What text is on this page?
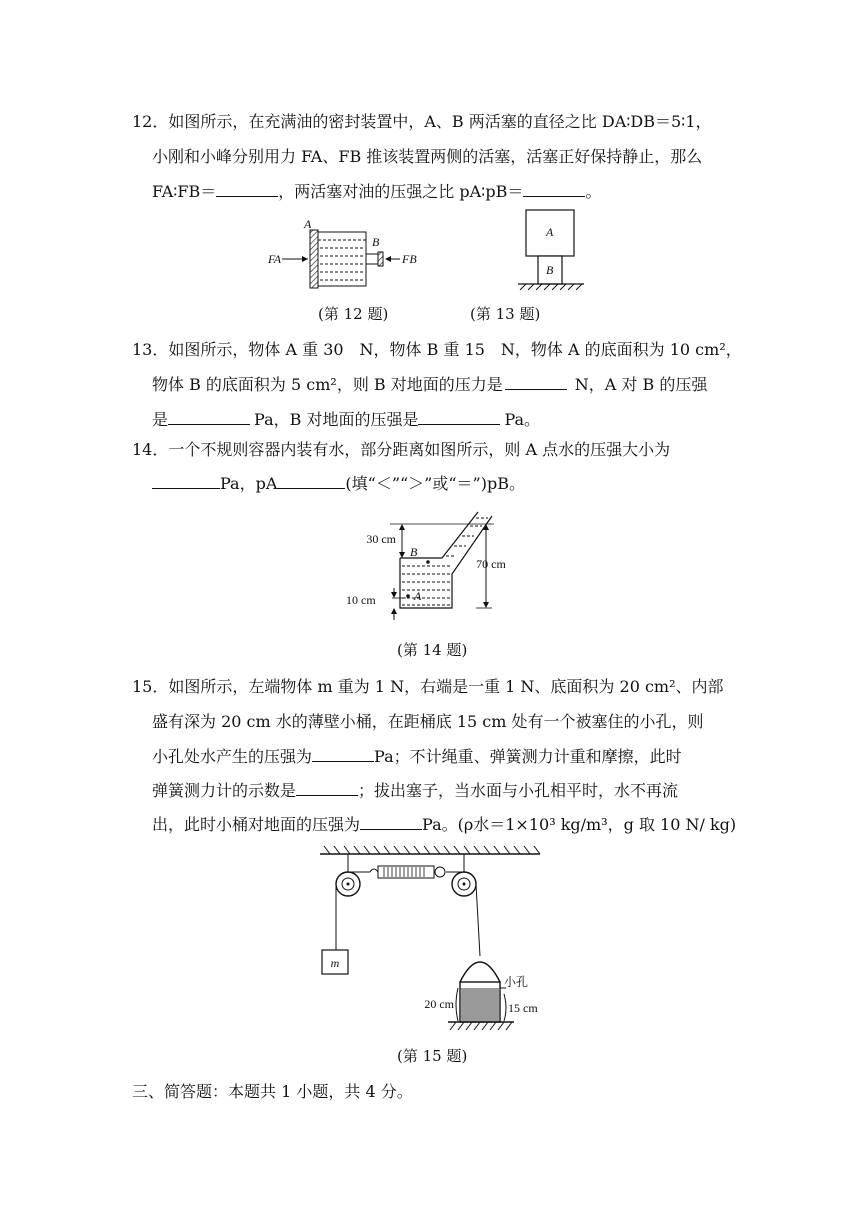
12．如图所示，在充满油的密封装置中，A、B 两活塞的直径之比 DA∶DB＝5∶1，
小刚和小峰分别用力 FA、FB 推该装置两侧的活塞，活塞正好保持静止，那么
FA∶FB＝	，两活塞对油的压强之比 pA∶pB＝	。
A
B
FA	FB
A
B
(第 12 题)	(第 13 题)
13．如图所示，物体 A 重 30　N，物体 B 重 15　N，物体 A 的底面积为 10 cm²，
物体 B 的底面积为 5 cm²，则 B 对地面的压力是	N，A 对 B 的压强
是	Pa，B 对地面的压强是	Pa。
14．一个不规则容器内装有水，部分距离如图所示，则 A 点水的压强大小为
Pa，pA	(填“＜”“＞”或“＝”)pB。
30 cm
70 cm
10 cm	A
B
(第 14 题)
15．如图所示，左端物体 m 重为 1 N，右端是一重 1 N、底面积为 20 cm²、内部
盛有深为 20 cm 水的薄壁小桶，在距桶底 15 cm 处有一个被塞住的小孔，则
小孔处水产生的压强为	Pa；不计绳重、弹簧测力计重和摩擦，此时
弹簧测力计的示数是	；拔出塞子，当水面与小孔相平时，水不再流
出，此时小桶对地面的压强为	Pa。(ρ水＝1×10³ kg/m³，g 取 10 N/ kg)
m
20 cm	15 cm
小孔
(第 15 题)
三、简答题：本题共 1 小题，共 4 分。
